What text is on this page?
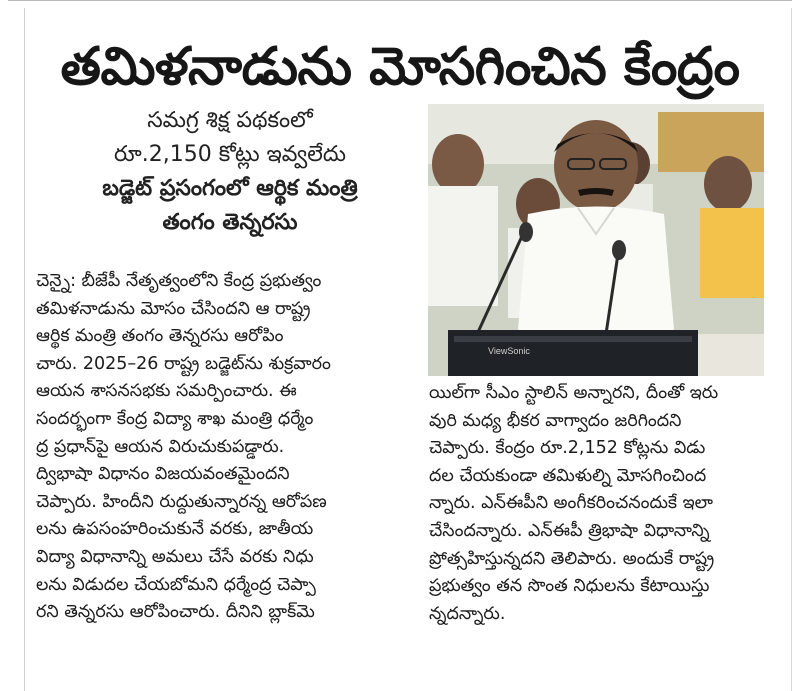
తమిళనాడును మోసగించిన కేంద్రం
సమగ్ర శిక్ష పథకంలో
రూ.2,150 కోట్లు ఇవ్వలేదు
బడ్జెట్ ప్రసంగంలో ఆర్థిక మంత్రి
తంగం తెన్నరసు
ViewSonic
చెన్నై: బీజేపీ నేతృత్వంలోని కేంద్ర ప్రభుత్వం
తమిళనాడును మోసం చేసిందని ఆ రాష్ట్ర
ఆర్థిక మంత్రి తంగం తెన్నరసు ఆరోపిం
చారు. 2025–26 రాష్ట్ర బడ్జెట్‌ను శుక్రవారం
ఆయన శాసనసభకు సమర్పించారు. ఈ
సందర్భంగా కేంద్ర విద్యా శాఖ మంత్రి ధర్మేం
ద్ర ప్రధాన్‌పై ఆయన విరుచుకుపడ్డారు.
ద్విభాషా విధానం విజయవంతమైందని
చెప్పారు. హిందీని రుద్దుతున్నారన్న ఆరోపణ
లను ఉపసంహరించుకునే వరకు, జాతీయ
విద్యా విధానాన్ని అమలు చేసే వరకు నిధు
లను విడుదల చేయబోమని ధర్మేంద్ర చెప్పా
రని తెన్నరసు ఆరోపించారు. దీనిని బ్లాక్‌మె
యిల్‌గా సీఎం స్టాలిన్ అన్నారని, దీంతో ఇరు
వురి మధ్య భీకర వాగ్వాదం జరిగిందని
చెప్పారు. కేంద్రం రూ.2,152 కోట్లను విడు
దల చేయకుండా తమిళుల్ని మోసగించింద
న్నారు. ఎన్‌ఈపీని అంగీకరించనందుకే ఇలా
చేసిందన్నారు. ఎన్‌ఈపీ త్రిభాషా విధానాన్ని
ప్రోత్సహిస్తున్నదని తెలిపారు. అందుకే రాష్ట్ర
ప్రభుత్వం తన సొంత నిధులను కేటాయిస్తు
న్నదన్నారు.
